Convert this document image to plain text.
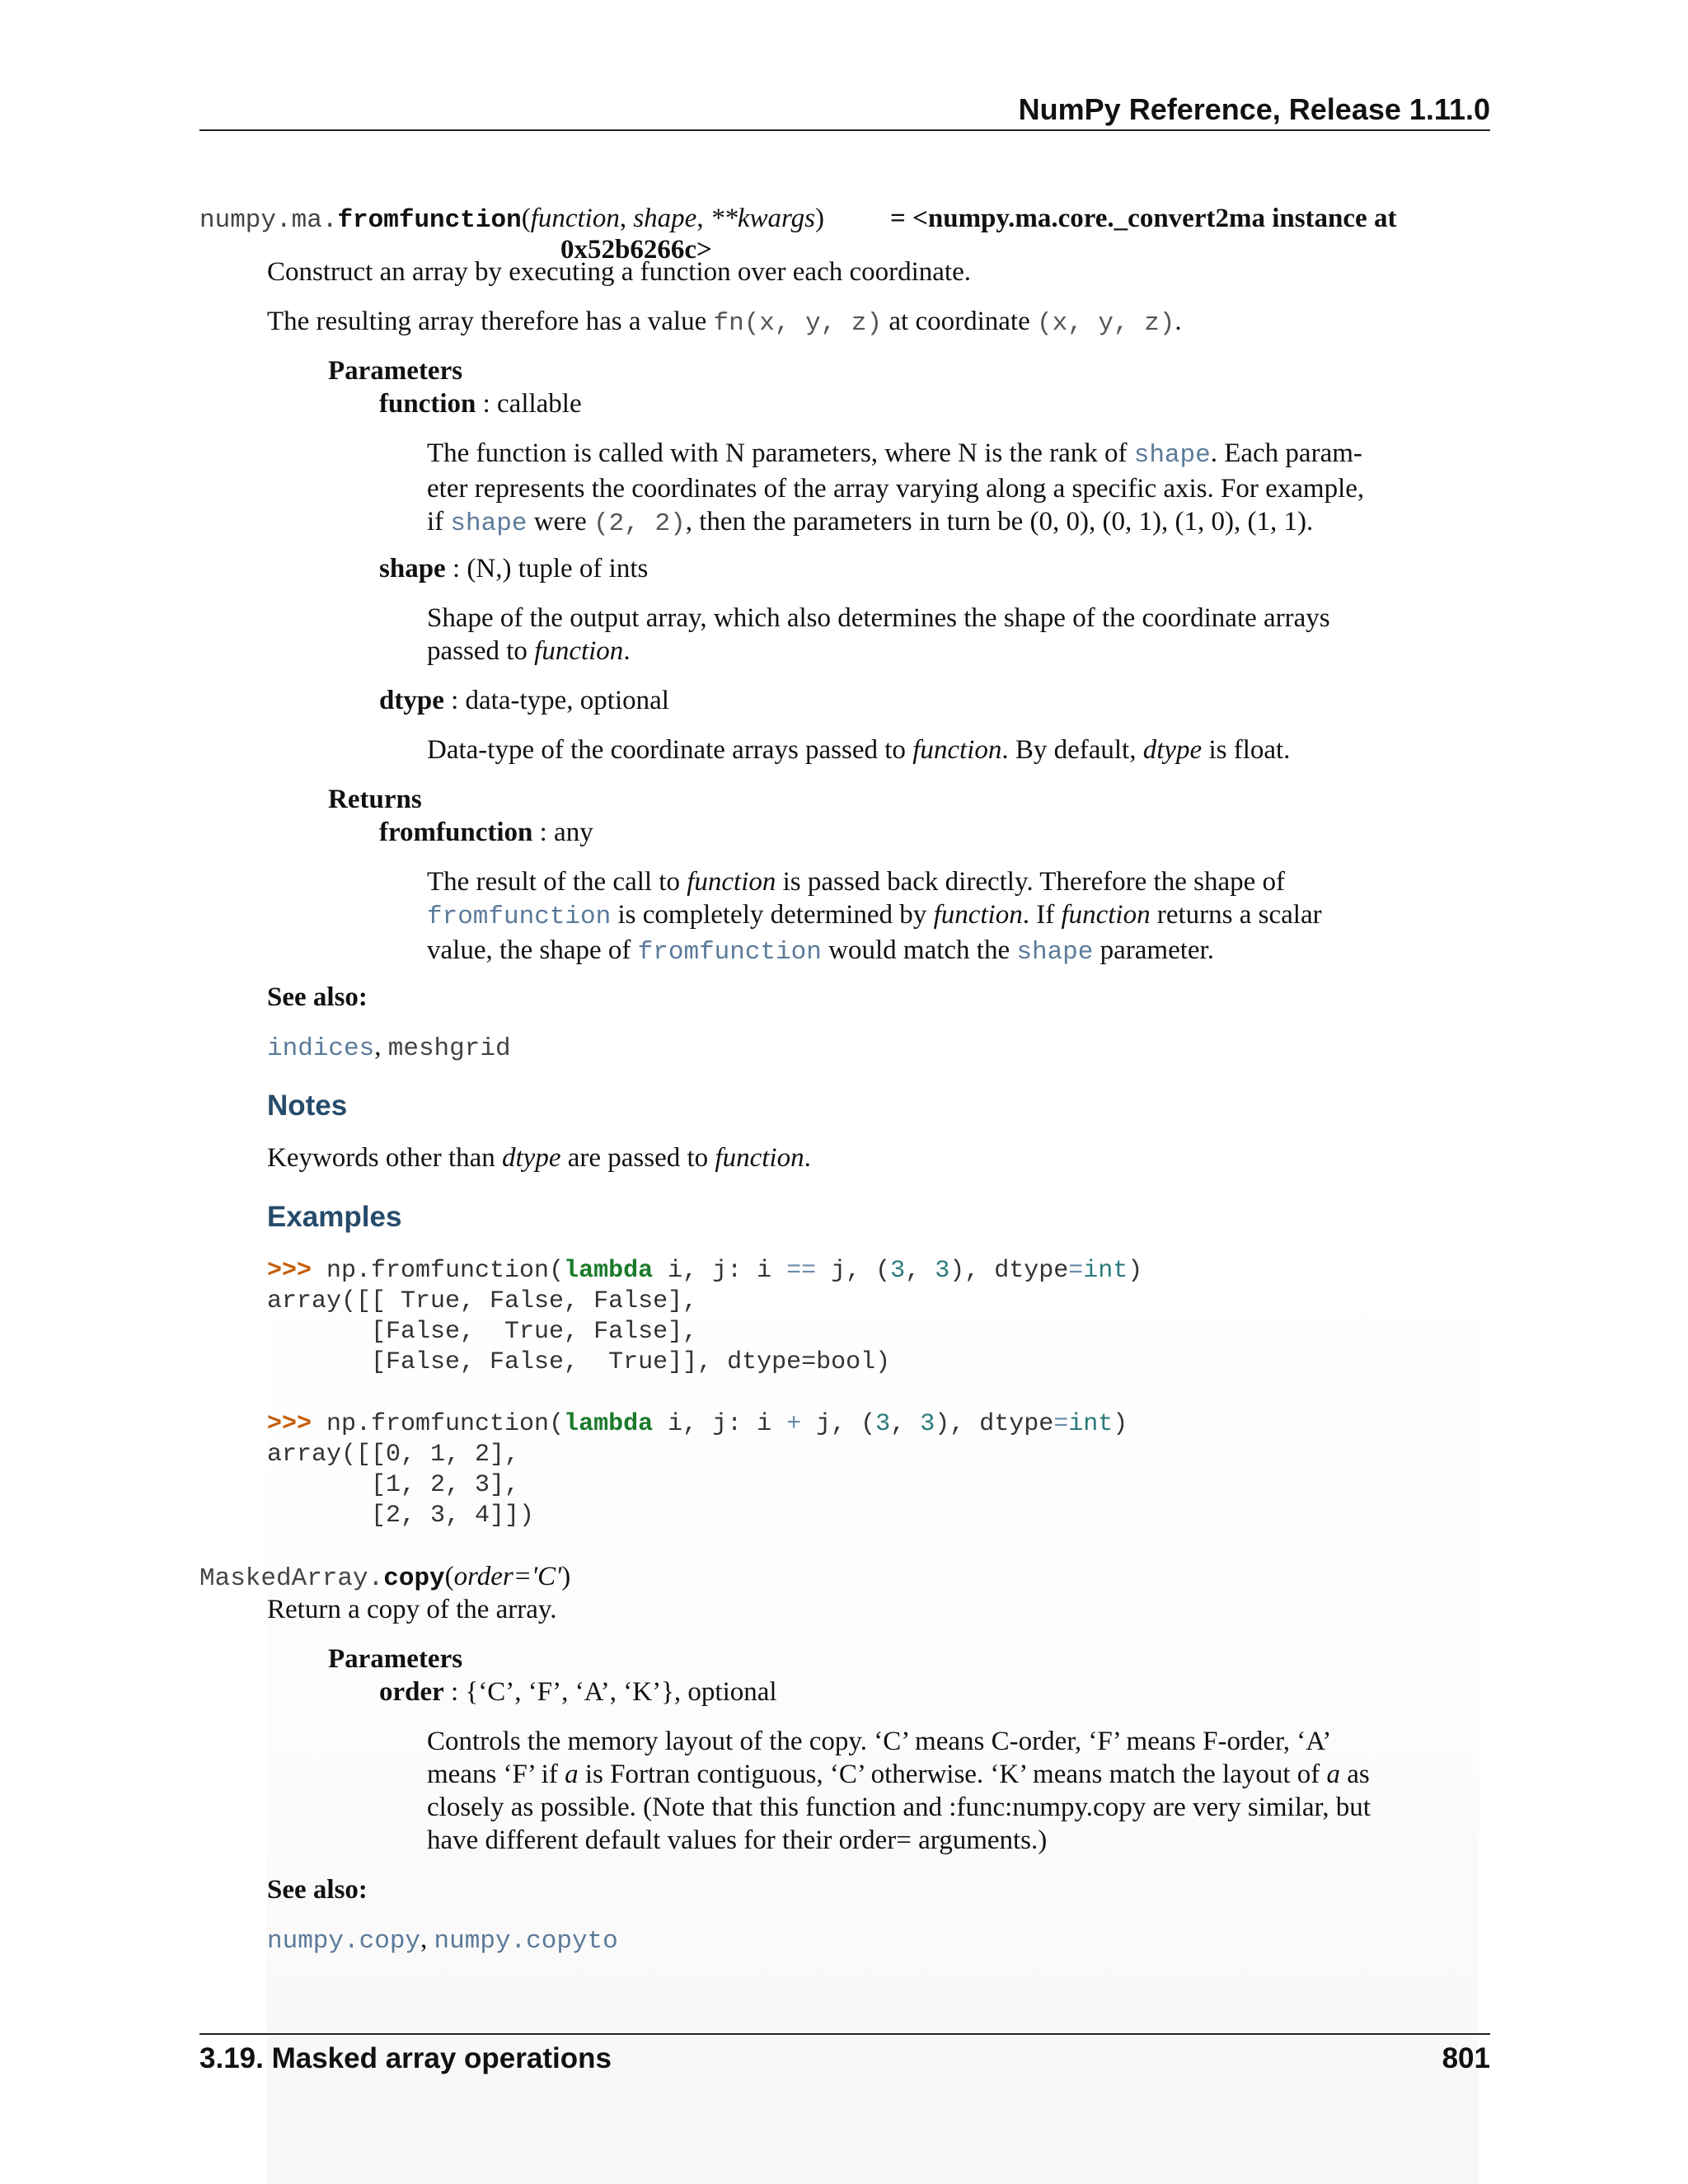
NumPy Reference, Release 1.11.0
numpy.ma.fromfunction(function, shape, **kwargs) = <numpy.ma.core._convert2ma instance at
0x52b6266c>
Construct an array by executing a function over each coordinate.
The resulting array therefore has a value fn(x, y, z) at coordinate (x, y, z).
Parameters
function : callable
The function is called with N parameters, where N is the rank of shape. Each param-
eter represents the coordinates of the array varying along a specific axis. For example,
if shape were (2, 2), then the parameters in turn be (0, 0), (0, 1), (1, 0), (1, 1).
shape : (N,) tuple of ints
Shape of the output array, which also determines the shape of the coordinate arrays
passed to function.
dtype : data-type, optional
Data-type of the coordinate arrays passed to function. By default, dtype is float.
Returns
fromfunction : any
The result of the call to function is passed back directly. Therefore the shape of
fromfunction is completely determined by function. If function returns a scalar
value, the shape of fromfunction would match the shape parameter.
See also:
indices, meshgrid
Notes
Keywords other than dtype are passed to function.
Examples
>>> np.fromfunction(lambda i, j: i == j, (3, 3), dtype=int)
array([[ True, False, False],
[False,  True, False],
[False, False,  True]], dtype=bool)
>>> np.fromfunction(lambda i, j: i + j, (3, 3), dtype=int)
array([[0, 1, 2],
[1, 2, 3],
[2, 3, 4]])
MaskedArray.copy(order='C')
Return a copy of the array.
Parameters
order : {‘C’, ‘F’, ‘A’, ‘K’}, optional
Controls the memory layout of the copy. ‘C’ means C-order, ‘F’ means F-order, ‘A’
means ‘F’ if a is Fortran contiguous, ‘C’ otherwise. ‘K’ means match the layout of a as
closely as possible. (Note that this function and :func:numpy.copy are very similar, but
have different default values for their order= arguments.)
See also:
numpy.copy, numpy.copyto
3.19. Masked array operations	801
